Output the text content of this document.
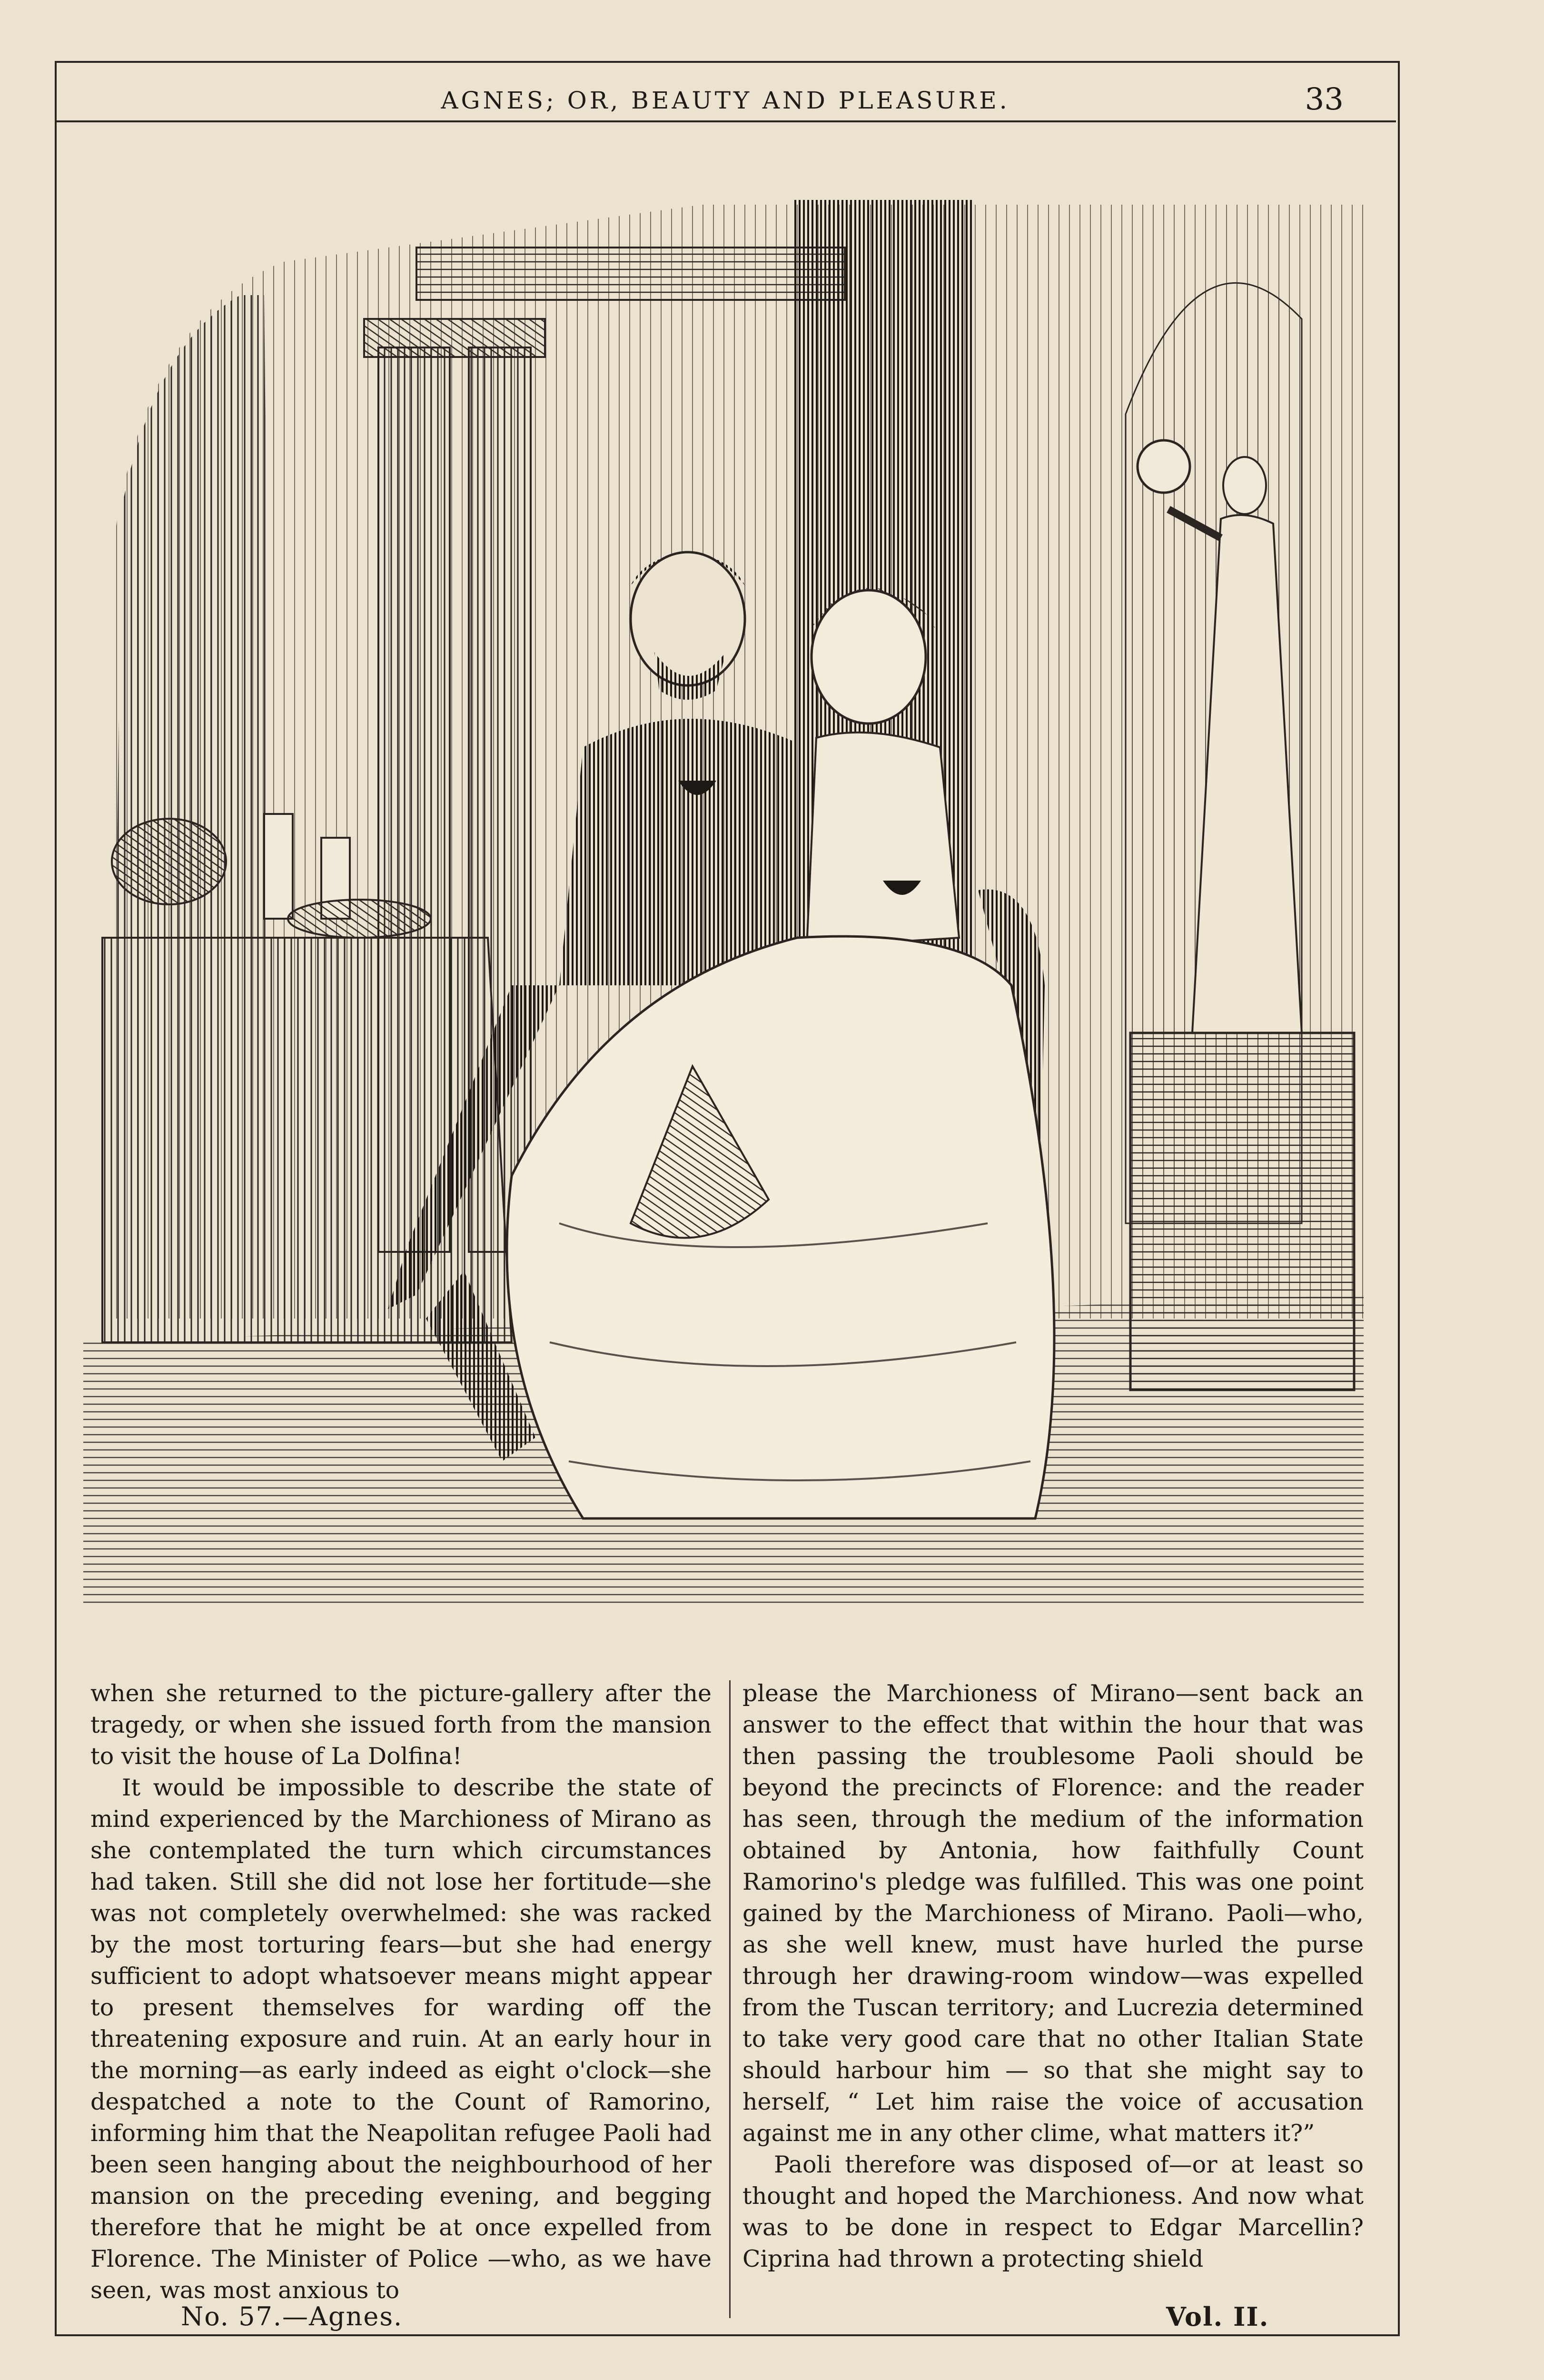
AGNES; OR, BEAUTY AND PLEASURE.	33

when she returned to the picture-gallery after the tragedy, or when she issued forth from the mansion to visit the house of La Dolfina!

It would be impossible to describe the state of mind experienced by the Marchioness of Mirano as she contemplated the turn which circumstances had taken. Still she did not lose her fortitude—she was not completely overwhelmed: she was racked by the most torturing fears—but she had energy sufficient to adopt whatsoever means might appear to present themselves for warding off the threatening exposure and ruin. At an early hour in the morning—as early indeed as eight o'clock—she despatched a note to the Count of Ramorino, informing him that the Neapolitan refugee Paoli had been seen hanging about the neighbourhood of her mansion on the preceding evening, and begging therefore that he might be at once expelled from Florence. The Minister of Police —who, as we have seen, was most anxious to

please the Marchioness of Mirano—sent back an answer to the effect that within the hour that was then passing the troublesome Paoli should be beyond the precincts of Florence: and the reader has seen, through the medium of the information obtained by Antonia, how faithfully Count Ramorino's pledge was fulfilled. This was one point gained by the Marchioness of Mirano. Paoli—who, as she well knew, must have hurled the purse through her drawing-room window—was expelled from the Tuscan territory; and Lucrezia determined to take very good care that no other Italian State should harbour him — so that she might say to herself, “ Let him raise the voice of accusation against me in any other clime, what matters it?”

Paoli therefore was disposed of—or at least so thought and hoped the Marchioness. And now what was to be done in respect to Edgar Marcellin? Ciprina had thrown a protecting shield

No. 57.—Agnes.	Vol. II.
